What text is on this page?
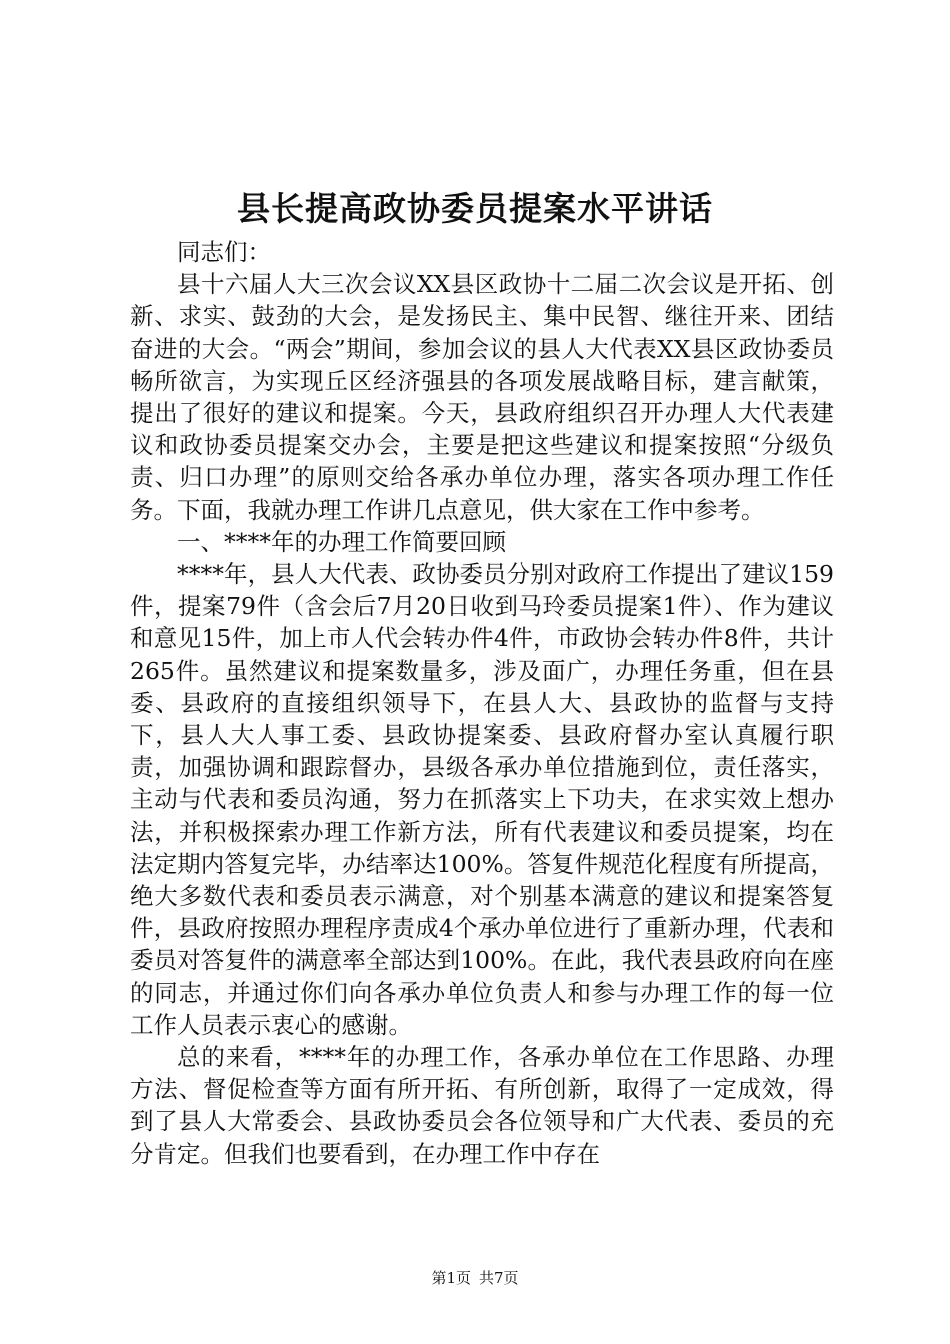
县长提高政协委员提案水平讲话

同志们：

县十六届人大三次会议XX县区政协十二届二次会议是开拓、创新、求实、鼓劲的大会，是发扬民主、集中民智、继往开来、团结奋进的大会。“两会”期间，参加会议的县人大代表XX县区政协委员畅所欲言，为实现丘区经济强县的各项发展战略目标，建言献策，提出了很好的建议和提案。今天，县政府组织召开办理人大代表建议和政协委员提案交办会，主要是把这些建议和提案按照“分级负责、归口办理”的原则交给各承办单位办理，落实各项办理工作任务。下面，我就办理工作讲几点意见，供大家在工作中参考。

一、****年的办理工作简要回顾

****年，县人大代表、政协委员分别对政府工作提出了建议159件，提案79件（含会后7月20日收到马玲委员提案1件）、作为建议和意见15件，加上市人代会转办件4件，市政协会转办件8件，共计265件。虽然建议和提案数量多，涉及面广，办理任务重，但在县委、县政府的直接组织领导下，在县人大、县政协的监督与支持下，县人大人事工委、县政协提案委、县政府督办室认真履行职责，加强协调和跟踪督办，县级各承办单位措施到位，责任落实，主动与代表和委员沟通，努力在抓落实上下功夫，在求实效上想办法，并积极探索办理工作新方法，所有代表建议和委员提案，均在法定期内答复完毕，办结率达100%。答复件规范化程度有所提高，绝大多数代表和委员表示满意，对个别基本满意的建议和提案答复件，县政府按照办理程序责成4个承办单位进行了重新办理，代表和委员对答复件的满意率全部达到100%。在此，我代表县政府向在座的同志，并通过你们向各承办单位负责人和参与办理工作的每一位工作人员表示衷心的感谢。

总的来看，****年的办理工作，各承办单位在工作思路、办理方法、督促检查等方面有所开拓、有所创新，取得了一定成效，得到了县人大常委会、县政协委员会各位领导和广大代表、委员的充分肯定。但我们也要看到，在办理工作中存在

第1页 共7页
